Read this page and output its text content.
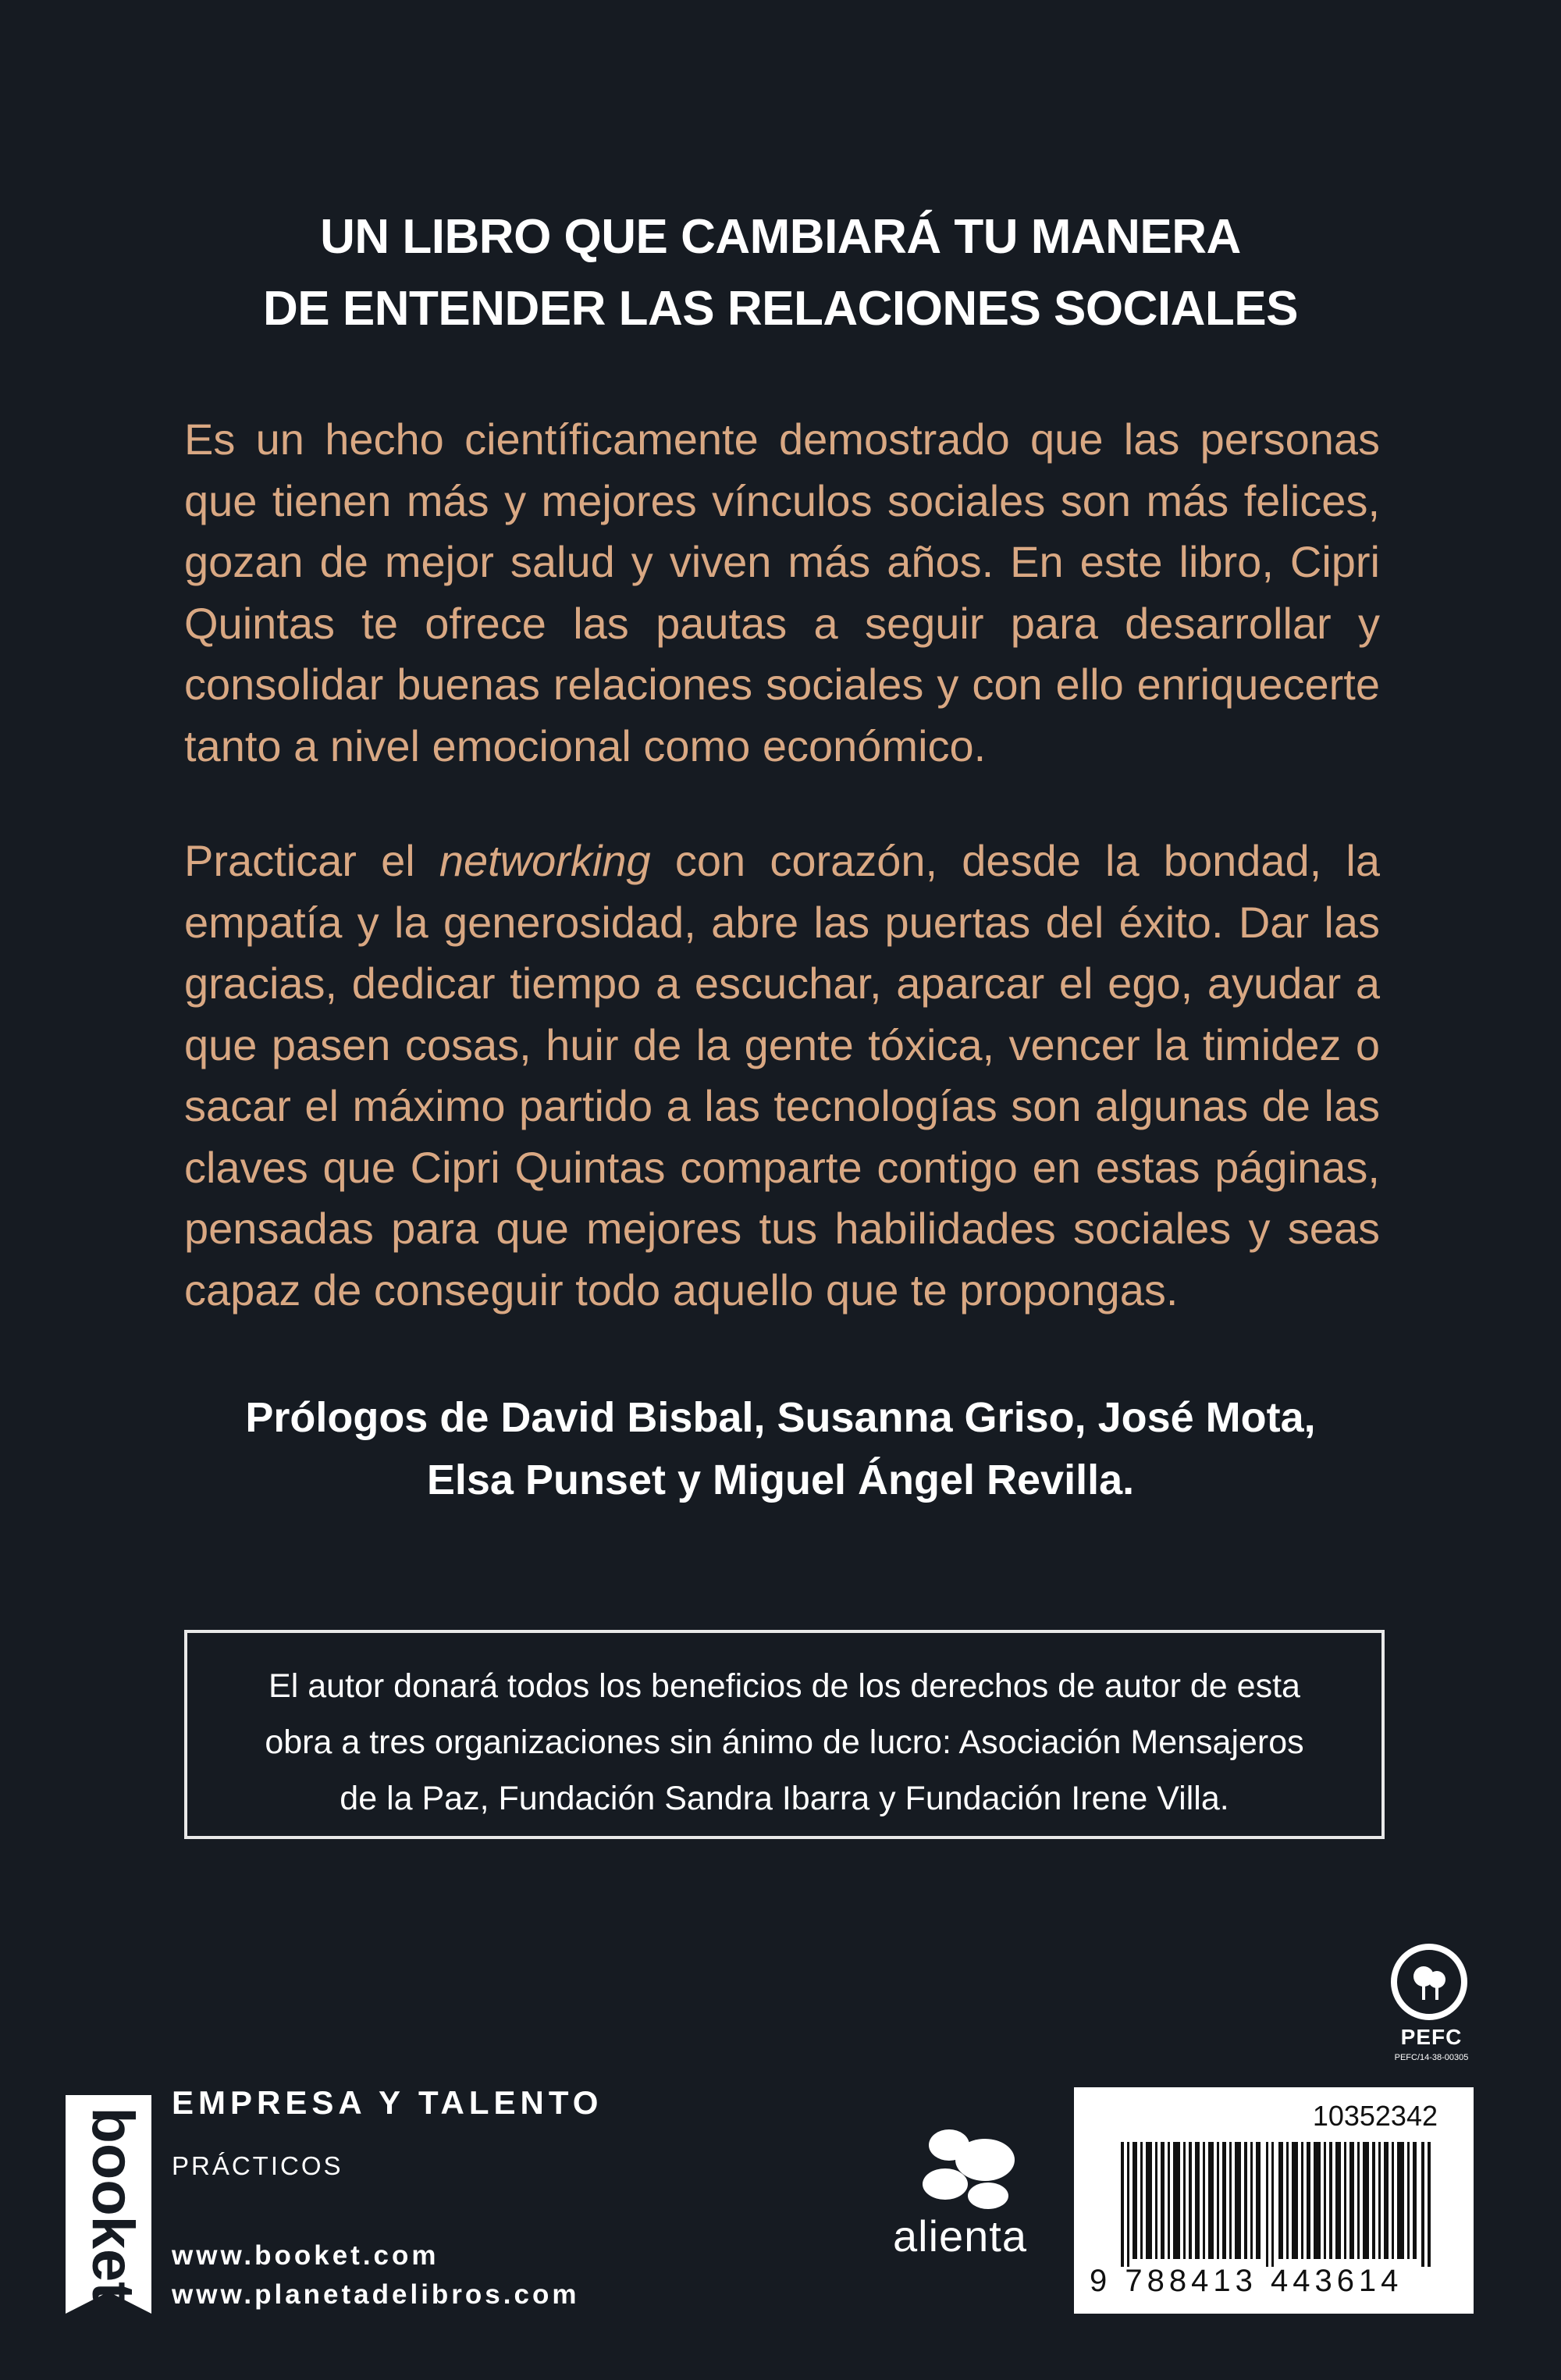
UN LIBRO QUE CAMBIARÁ TU MANERA
DE ENTENDER LAS RELACIONES SOCIALES
Es un hecho científicamente demostrado que las personas que tienen más y mejores vínculos sociales son más felices, gozan de mejor salud y viven más años. En este libro, Cipri Quintas te ofrece las pautas a seguir para desarrollar y consolidar buenas relaciones sociales y con ello enriquecerte tanto a nivel emocional como económico.
Practicar el networking con corazón, desde la bondad, la empatía y la generosidad, abre las puertas del éxito. Dar las gracias, dedicar tiempo a escuchar, aparcar el ego, ayudar a que pasen cosas, huir de la gente tóxica, vencer la timidez o sacar el máximo partido a las tecnologías son algunas de las claves que Cipri Quintas comparte contigo en estas páginas, pensadas para que mejores tus habilidades sociales y seas capaz de conseguir todo aquello que te propongas.
Prólogos de David Bisbal, Susanna Griso, José Mota,
Elsa Punset y Miguel Ángel Revilla.
El autor donará todos los beneficios de los derechos de autor de esta
obra a tres organizaciones sin ánimo de lucro: Asociación Mensajeros
de la Paz, Fundación Sandra Ibarra y Fundación Irene Villa.
PEFC
PEFC/14-38-00305
booket
EMPRESA Y TALENTO
PRÁCTICOS
www.booket.com
www.planetadelibros.com
alienta
10352342
9 788413 443614
